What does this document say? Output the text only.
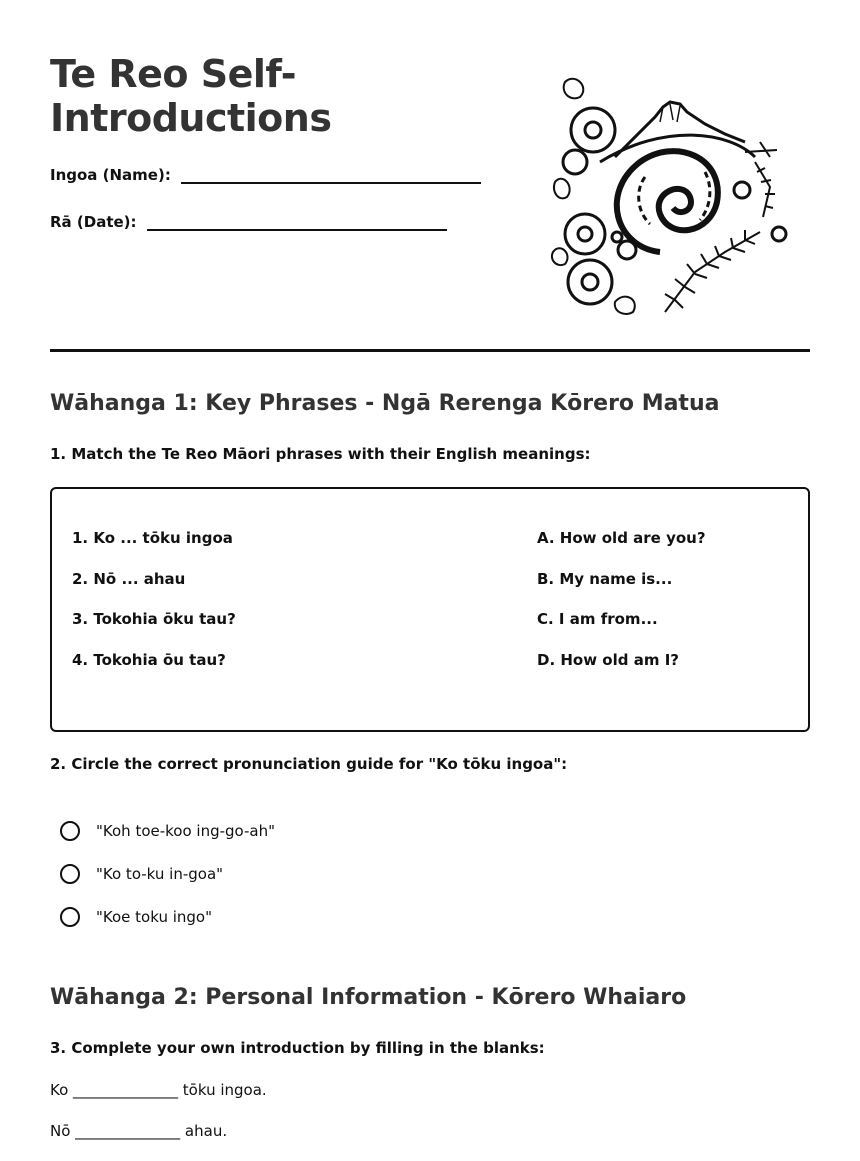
Te Reo Self-Introductions
Ingoa (Name):
Rā (Date):
Wāhanga 1: Key Phrases - Ngā Rerenga Kōrero Matua

1. Match the Te Reo Māori phrases with their English meanings:

1. Ko ... tōku ingoa
2. Nō ... ahau
3. Tokohia ōku tau?
4. Tokohia ōu tau?
A. How old are you?
B. My name is...
C. I am from...
D. How old am I?

2. Circle the correct pronunciation guide for "Ko tōku ingoa":

"Koh toe-koo ing-go-ah"
"Ko to-ku in-goa"
"Koe toku ingo"
Wāhanga 2: Personal Information - Kōrero Whaiaro

3. Complete your own introduction by filling in the blanks:

Ko ______________ tōku ingoa.
Nō ______________ ahau.
